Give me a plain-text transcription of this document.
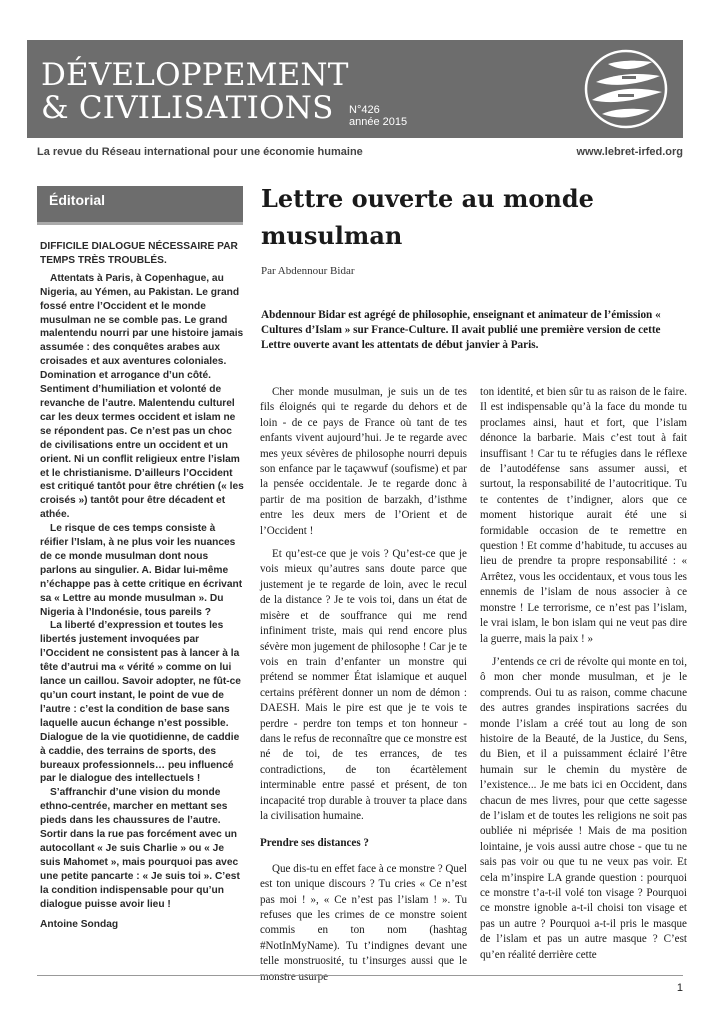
DÉVELOPPEMENT
& CIVILISATIONS	N°426
année 2015
La revue du Réseau international pour une économie humaine	www.lebret-irfed.org
Éditorial
DIFFICILE DIALOGUE NÉCESSAIRE PAR TEMPS TRÈS TROUBLÉS.

Attentats à Paris, à Copenhague, au Nigeria, au Yémen, au Pakistan. Le grand fossé entre l’Occident et le monde musulman ne se comble pas. Le grand malentendu nourri par une histoire jamais assumée : des conquêtes arabes aux croisades et aux aventures coloniales. Domination et arrogance d’un côté. Sentiment d’humiliation et volonté de revanche de l’autre. Malentendu culturel car les deux termes occident et islam ne se répondent pas. Ce n’est pas un choc de civilisations entre un occident et un orient. Ni un conflit religieux entre l’islam et le christianisme. D’ailleurs l’Occident est critiqué tantôt pour être chrétien (« les croisés ») tantôt pour être décadent et athée.

Le risque de ces temps consiste à réifier l’Islam, à ne plus voir les nuances de ce monde musulman dont nous parlons au singulier. A. Bidar lui-même n’échappe pas à cette critique en écrivant sa « Lettre au monde musulman ». Du Nigeria à l’Indonésie, tous pareils ?

La liberté d’expression et toutes les libertés justement invoquées par l’Occident ne consistent pas à lancer à la tête d’autrui ma « vérité » comme on lui lance un caillou. Savoir adopter, ne fût-ce qu’un court instant, le point de vue de l’autre : c’est la condition de base sans laquelle aucun échange n’est possible. Dialogue de la vie quotidienne, de caddie à caddie, des terrains de sports, des bureaux professionnels… peu influencé par le dialogue des intellectuels !

S’affranchir d’une vision du monde ethno-centrée, marcher en mettant ses pieds dans les chaussures de l’autre. Sortir dans la rue pas forcément avec un autocollant « Je suis Charlie » ou « Je suis Mahomet », mais pourquoi pas avec une petite pancarte : « Je suis toi ». C’est la condition indispensable pour qu’un dialogue puisse avoir lieu !

Antoine Sondag

Lettre ouverte au monde musulman
Par Abdennour Bidar
Abdennour Bidar est agrégé de philosophie, enseignant et animateur de l’émission « Cultures d’Islam » sur France-Culture. Il avait publié une première version de cette Lettre ouverte avant les attentats de début janvier à Paris.

Cher monde musulman, je suis un de tes fils éloignés qui te regarde du dehors et de loin - de ce pays de France où tant de tes enfants vivent aujourd’hui. Je te regarde avec mes yeux sévères de philosophe nourri depuis son enfance par le taçawwuf (soufisme) et par la pensée occidentale. Je te regarde donc à partir de ma position de barzakh, d’isthme entre les deux mers de l’Orient et de l’Occident !

Et qu’est-ce que je vois ? Qu’est-ce que je vois mieux qu’autres sans doute parce que justement je te regarde de loin, avec le recul de la distance ? Je te vois toi, dans un état de misère et de souffrance qui me rend infiniment triste, mais qui rend encore plus sévère mon jugement de philosophe ! Car je te vois en train d’enfanter un monstre qui prétend se nommer État islamique et auquel certains préfèrent donner un nom de démon : DAESH. Mais le pire est que je te vois te perdre - perdre ton temps et ton honneur - dans le refus de reconnaître que ce monstre est né de toi, de tes errances, de tes contradictions, de ton écartèlement interminable entre passé et présent, de ton incapacité trop durable à trouver ta place dans la civilisation humaine.

Prendre ses distances ?

Que dis-tu en effet face à ce monstre ? Quel est ton unique discours ? Tu cries « Ce n’est pas moi ! », « Ce n’est pas l’islam ! ». Tu refuses que les crimes de ce monstre soient commis en ton nom (hashtag #NotInMyName). Tu t’indignes devant une telle monstruosité, tu t’insurges aussi que le monstre usurpe

ton identité, et bien sûr tu as raison de le faire. Il est indispensable qu’à la face du monde tu proclames ainsi, haut et fort, que l’islam dénonce la barbarie. Mais c’est tout à fait insuffisant ! Car tu te réfugies dans le réflexe de l’autodéfense sans assumer aussi, et surtout, la responsabilité de l’autocritique. Tu te contentes de t’indigner, alors que ce moment historique aurait été une si formidable occasion de te remettre en question ! Et comme d’habitude, tu accuses au lieu de prendre ta propre responsabilité : « Arrêtez, vous les occidentaux, et vous tous les ennemis de l’islam de nous associer à ce monstre ! Le terrorisme, ce n’est pas l’islam, le vrai islam, le bon islam qui ne veut pas dire la guerre, mais la paix ! »

J’entends ce cri de révolte qui monte en toi, ô mon cher monde musulman, et je le comprends. Oui tu as raison, comme chacune des autres grandes inspirations sacrées du monde l’islam a créé tout au long de son histoire de la Beauté, de la Justice, du Sens, du Bien, et il a puissamment éclairé l’être humain sur le chemin du mystère de l’existence... Je me bats ici en Occident, dans chacun de mes livres, pour que cette sagesse de l’islam et de toutes les religions ne soit pas oubliée ni méprisée ! Mais de ma position lointaine, je vois aussi autre chose - que tu ne sais pas voir ou que tu ne veux pas voir. Et cela m’inspire LA grande question : pourquoi ce monstre t’a-t-il volé ton visage ? Pourquoi ce monstre ignoble a-t-il choisi ton visage et pas un autre ? Pourquoi a-t-il pris le masque de l’islam et pas un autre masque ? C’est qu’en réalité derrière cette

1
